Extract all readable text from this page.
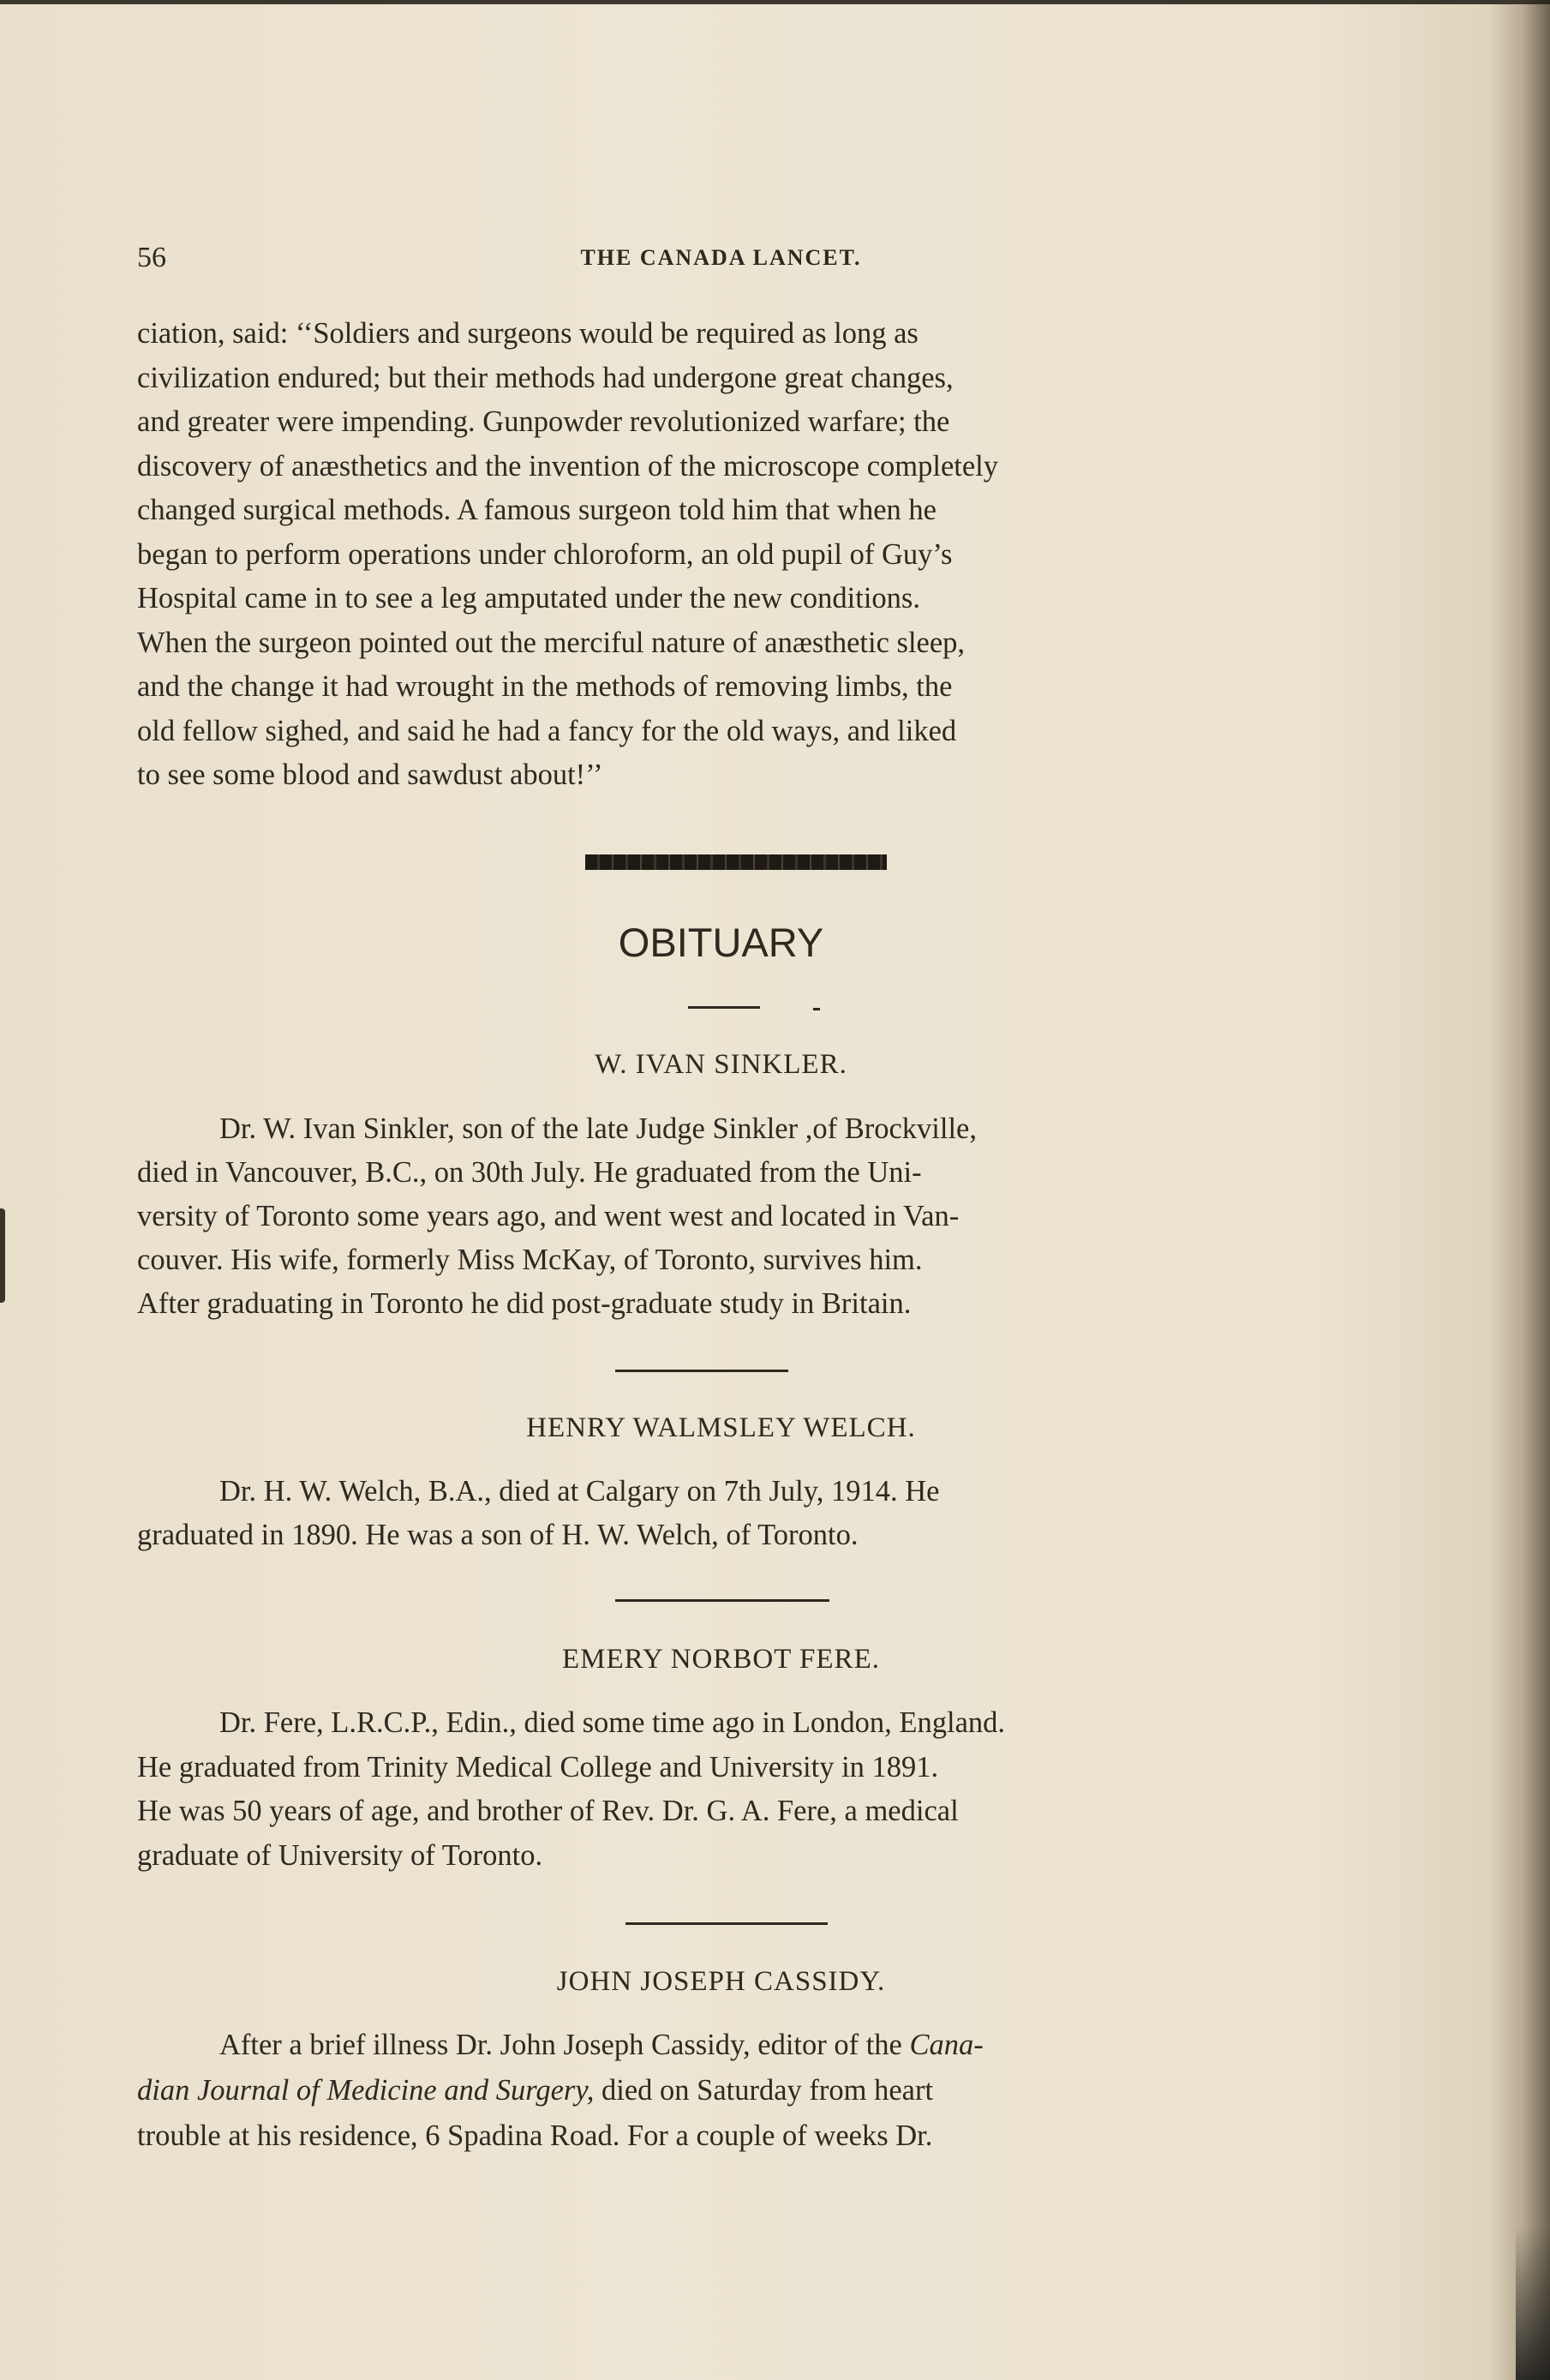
56	THE CANADA LANCET.
ciation, said: ‘‘Soldiers and surgeons would be required as long as
civilization endured; but their methods had undergone great changes,
and greater were impending. Gunpowder revolutionized warfare; the
discovery of anæsthetics and the invention of the microscope completely
changed surgical methods. A famous surgeon told him that when he
began to perform operations under chloroform, an old pupil of Guy’s
Hospital came in to see a leg amputated under the new conditions.
When the surgeon pointed out the merciful nature of anæsthetic sleep,
and the change it had wrought in the methods of removing limbs, the
old fellow sighed, and said he had a fancy for the old ways, and liked
to see some blood and sawdust about!’’
OBITUARY
W. IVAN SINKLER.
Dr. W. Ivan Sinkler, son of the late Judge Sinkler ,of Brockville,
died in Vancouver, B.C., on 30th July. He graduated from the Uni-
versity of Toronto some years ago, and went west and located in Van-
couver. His wife, formerly Miss McKay, of Toronto, survives him.
After graduating in Toronto he did post-graduate study in Britain.
HENRY WALMSLEY WELCH.
Dr. H. W. Welch, B.A., died at Calgary on 7th July, 1914. He
graduated in 1890. He was a son of H. W. Welch, of Toronto.
EMERY NORBOT FERE.
Dr. Fere, L.R.C.P., Edin., died some time ago in London, England.
He graduated from Trinity Medical College and University in 1891.
He was 50 years of age, and brother of Rev. Dr. G. A. Fere, a medical
graduate of University of Toronto.
JOHN JOSEPH CASSIDY.
After a brief illness Dr. John Joseph Cassidy, editor of the Cana-
dian Journal of Medicine and Surgery, died on Saturday from heart
trouble at his residence, 6 Spadina Road. For a couple of weeks Dr.
